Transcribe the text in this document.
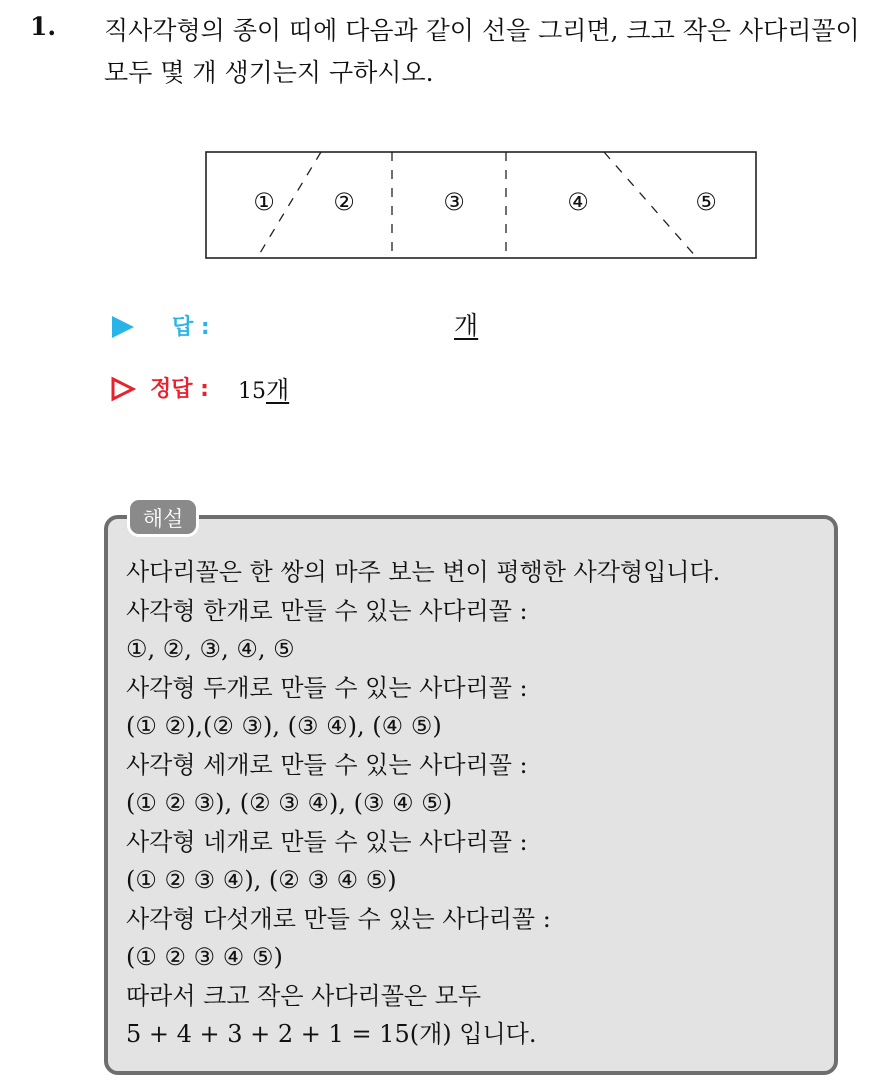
1. 직사각형의 종이 띠에 다음과 같이 선을 그리면, 크고 작은 사다리꼴이
모두 몇 개 생기는지 구하시오.
① ②	③	④	⑤
답 :	개
정답 : 15개
해설
사다리꼴은 한 쌍의 마주 보는 변이 평행한 사각형입니다.
사각형 한개로 만들 수 있는 사다리꼴 :
①, ②, ③, ④, ⑤
사각형 두개로 만들 수 있는 사다리꼴 :
(① ②),(② ③), (③ ④), (④ ⑤)
사각형 세개로 만들 수 있는 사다리꼴 :
(① ② ③), (② ③ ④), (③ ④ ⑤)
사각형 네개로 만들 수 있는 사다리꼴 :
(① ② ③ ④), (② ③ ④ ⑤)
사각형 다섯개로 만들 수 있는 사다리꼴 :
(① ② ③ ④ ⑤)
따라서 크고 작은 사다리꼴은 모두
5 + 4 + 3 + 2 + 1 = 15(개) 입니다.
